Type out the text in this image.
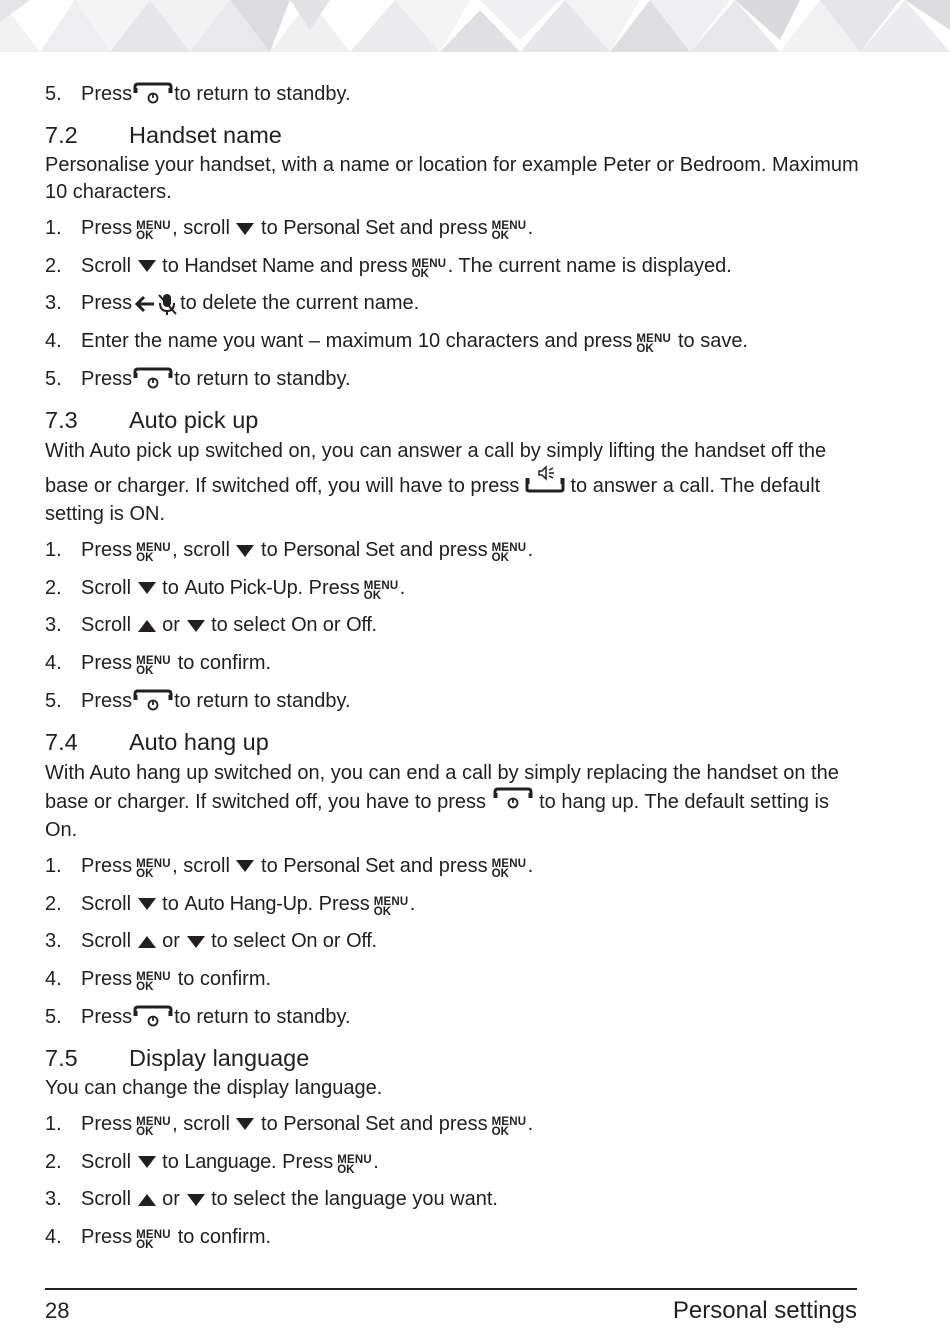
5. Press to return to standby.
7.2 Handset name

Personalise your handset, with a name or location for example Peter or Bedroom. Maximum 10 characters.

1. Press MENU
OK , scroll to Personal Set and press MENU
OK .
2. Scroll to Handset Name and press MENU
OK . The current name is displayed.
3. Press to delete the current name.
4. Enter the name you want – maximum 10 characters and press MENU
OK to save.
5. Press to return to standby.
7.3 Auto pick up

With Auto pick up switched on, you can answer a call by simply lifting the handset off the base or charger. If switched off, you will have to press	to answer a call. The default setting is ON.

1. Press MENU
OK , scroll to Personal Set and press MENU
OK .
2. Scroll to Auto Pick-Up. Press MENU
OK .
3. Scroll or to select On or Off.
4. Press MENU
OK to confirm.
5. Press to return to standby.
7.4 Auto hang up

With Auto hang up switched on, you can end a call by simply replacing the handset on the base or charger. If switched off, you have to press	to hang up. The default setting is On.

1. Press MENU
OK , scroll to Personal Set and press MENU
OK .
2. Scroll to Auto Hang-Up. Press MENU
OK .
3. Scroll or to select On or Off.
4. Press MENU
OK to confirm.
5. Press to return to standby.
7.5 Display language

You can change the display language.

1. Press MENU
OK , scroll to Personal Set and press MENU
OK .
2. Scroll to Language. Press MENU
OK .
3. Scroll or to select the language you want.
4. Press MENU
OK to confirm.
28	Personal settings
